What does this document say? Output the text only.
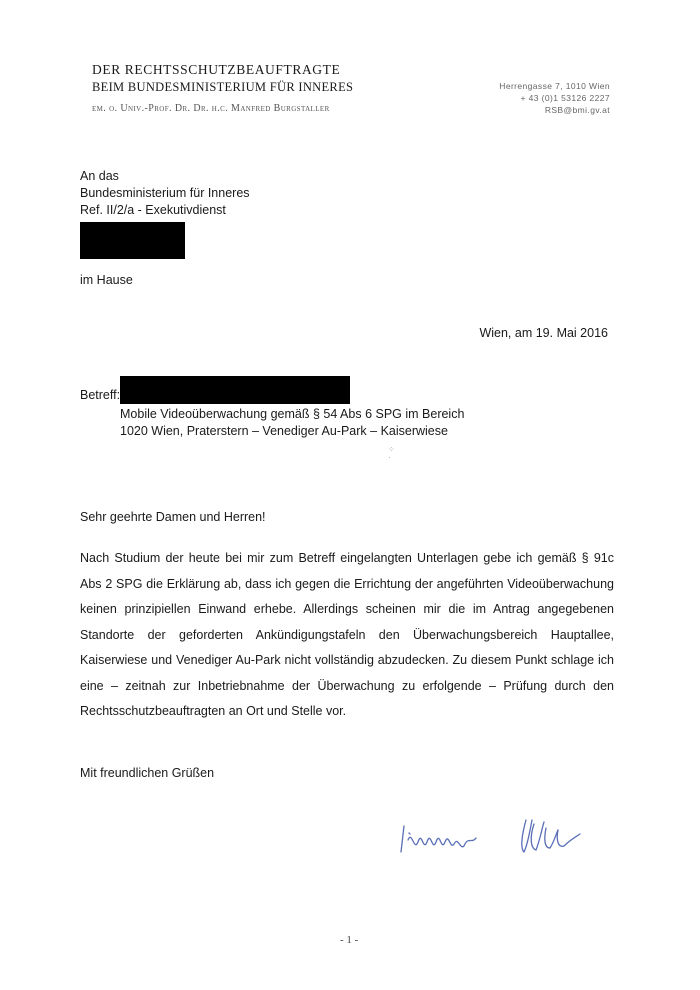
DER RECHTSSCHUTZBEAUFTRAGTE
BEIM BUNDESMINISTERIUM FÜR INNERES
em. o. Univ.-Prof. Dr. Dr. h.c. Manfred Burgstaller
Herrengasse 7, 1010 Wien
+ 43 (0)1 53126 2227
RSB@bmi.gv.at
An das
Bundesministerium für Inneres
Ref. II/2/a - Exekutivdienst
im Hause
Wien, am 19. Mai 2016
Betreff:
Mobile Videoüberwachung gemäß § 54 Abs 6 SPG im Bereich
1020 Wien, Praterstern – Venediger Au-Park – Kaiserwiese
⁘
·
Sehr geehrte Damen und Herren!
Nach Studium der heute bei mir zum Betreff eingelangten Unterlagen gebe ich gemäß § 91c Abs 2 SPG die Erklärung ab, dass ich gegen die Errichtung der angeführten Videoüberwachung keinen prinzipiellen Einwand erhebe. Allerdings scheinen mir die im Antrag angegebenen Standorte der geforderten Ankündigungstafeln den Überwachungsbereich Hauptallee, Kaiserwiese und Venediger Au-Park nicht vollständig abzudecken. Zu diesem Punkt schlage ich eine – zeitnah zur Inbetriebnahme der Überwachung zu erfolgende – Prüfung durch den Rechtsschutzbeauftragten an Ort und Stelle vor.
Mit freundlichen Grüßen
- 1 -
